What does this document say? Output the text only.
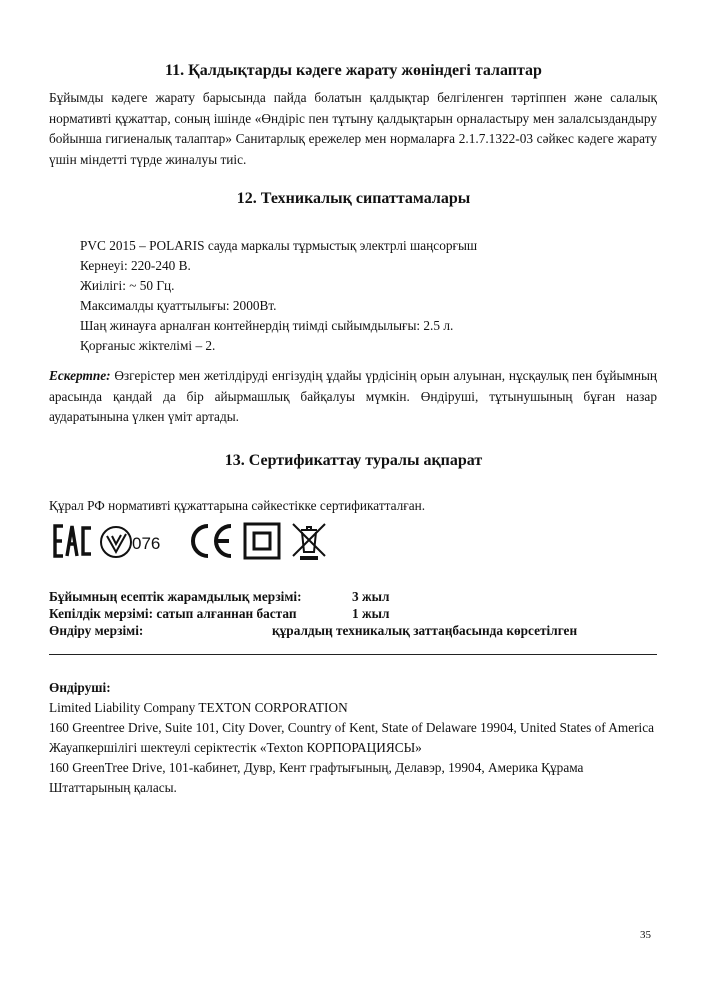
11. Қалдықтарды кәдеге жарату жөніндегі талаптар
Бұйымды кәдеге жарату барысында пайда болатын қалдықтар белгіленген тәртіппен және салалық нормативті құжаттар, соның ішінде «Өндіріс пен тұтыну қалдықтарын орналастыру мен залалсыздандыру бойынша гигиеналық талаптар» Санитарлық ережелер мен нормаларға 2.1.7.1322-03 сәйкес кәдеге жарату үшін міндетті түрде жиналуы тиіс.
12. Техникалық сипаттамалары
PVC 2015 – POLARIS сауда маркалы тұрмыстық электрлі шаңсорғыш
Кернеуі: 220-240 В.
Жиілігі: ~ 50 Гц.
Максималды қуаттылығы: 2000Вт.
Шаң жинауға арналған контейнердің тиімді сыйымдылығы: 2.5 л.
Қорғаныс жіктелімі – 2.
Ескертпе: Өзгерістер мен жетілдіруді енгізудің ұдайы үрдісінің орын алуынан, нұсқаулық пен бұйымның арасында қандай да бір айырмашлық байқалуы мүмкін. Өндіруші, тұтынушының бұған назар аударатынына үлкен үміт артады.
13. Сертификаттау туралы ақпарат
Құрал РФ нормативті құжаттарына сәйкестікке сертификатталған.
076
Бұйымның есептік жарамдылық мерзімі:	3 жыл
Кепілдік мерзімі: сатып алғаннан бастап	1 жыл
Өндіру мерзімі:	құралдың техникалық заттаңбасында көрсетілген
Өндіруші:
Limited Liability Company TEXTON CORPORATION
160 Greentree Drive, Suite 101, City Dover, Country of Kent, State of Delaware 19904, United States of America
Жауапкершілігі шектеулі серіктестік «Texton КОРПОРАЦИЯСЫ»
160 GreenTree Drive, 101-кабинет, Дувр, Кент графтығының, Делавэр, 19904, Америка Құрама Штаттарының қаласы.
35
